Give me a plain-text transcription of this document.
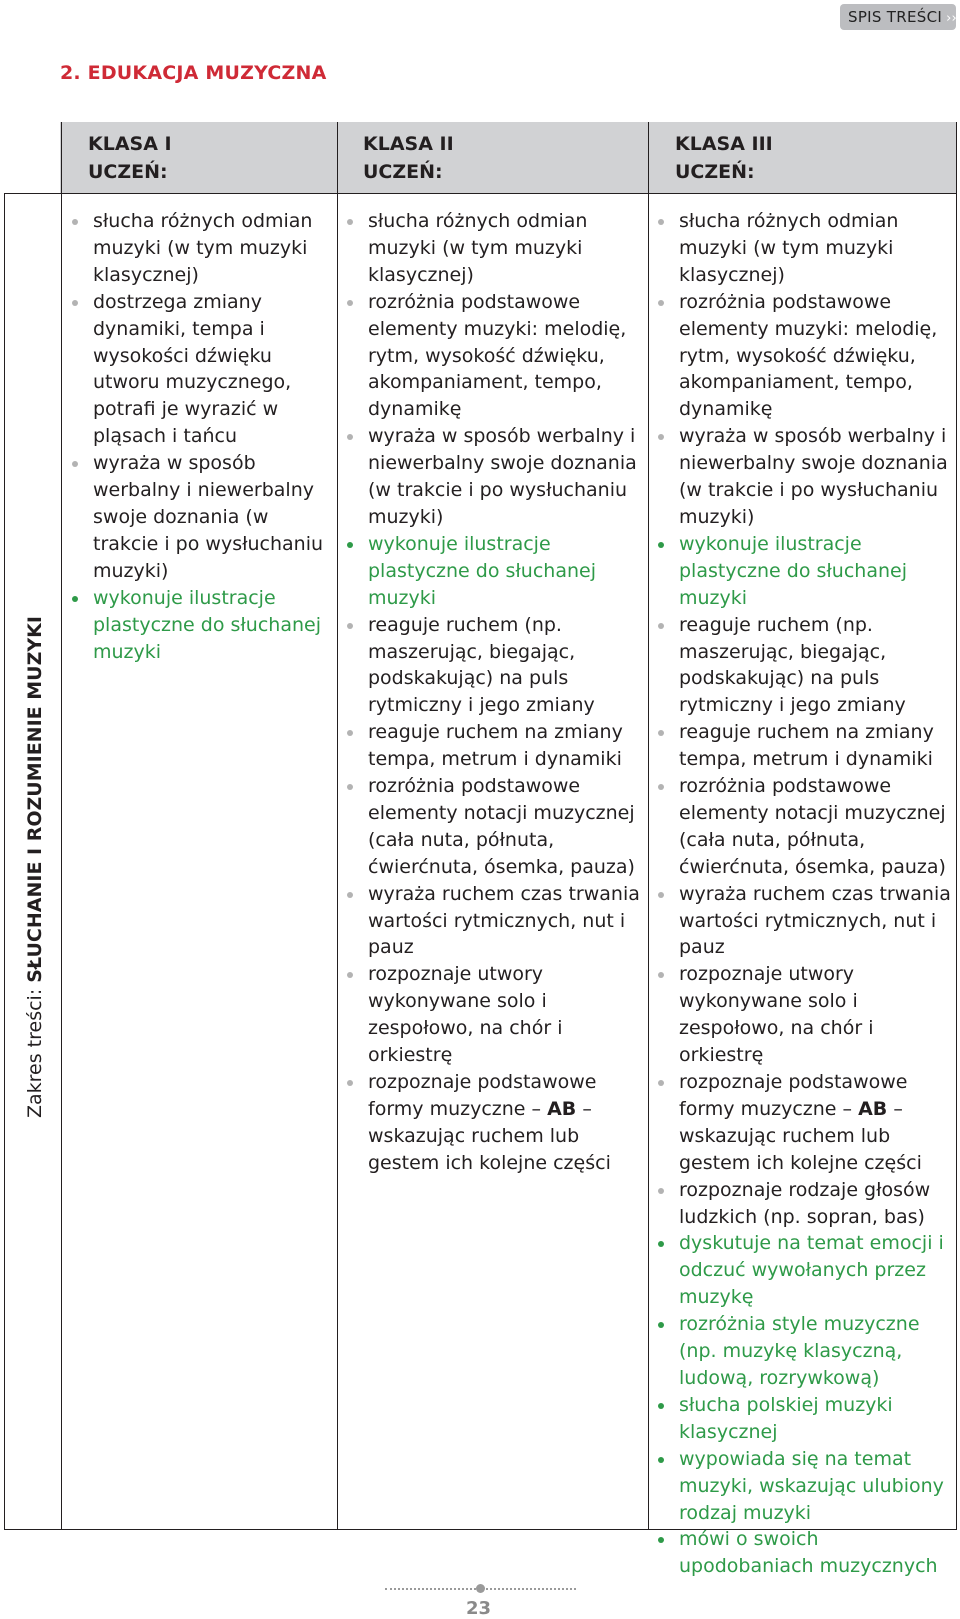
SPIS TREŚCI ››
2. EDUKACJA MUZYCZNA
KLASA I
UCZEŃ:
KLASA II
UCZEŃ:
KLASA III
UCZEŃ:
Zakres treści: SŁUCHANIE I ROZUMIENIE MUZYKI
słucha różnych odmian muzyki (w tym muzyki klasycznej)
dostrzega zmiany dynamiki, tempa i wysokości dźwięku utworu muzycznego, potrafi je wyrazić w pląsach i tańcu
wyraża w sposób werbalny i niewerbalny swoje doznania (w trakcie i po wysłuchaniu muzyki)
wykonuje ilustracje plastyczne do słuchanej muzyki
słucha różnych odmian muzyki (w tym muzyki klasycznej)
rozróżnia podstawowe elementy muzyki: melodię, rytm, wysokość dźwięku, akompaniament, tempo, dynamikę
wyraża w sposób werbalny i niewerbalny swoje doznania (w trakcie i po wysłuchaniu muzyki)
wykonuje ilustracje plastyczne do słuchanej muzyki
reaguje ruchem (np. maszerując, biegając, podskakując) na puls rytmiczny i jego zmiany
reaguje ruchem na zmiany tempa, metrum i dynamiki
rozróżnia podstawowe elementy notacji muzycznej (cała nuta, półnuta, ćwierćnuta, ósemka, pauza)
wyraża ruchem czas trwania wartości rytmicznych, nut i pauz
rozpoznaje utwory wykonywane solo i zespołowo, na chór i orkiestrę
rozpoznaje podstawowe formy muzyczne – AB – wskazując ruchem lub gestem ich kolejne części
słucha różnych odmian muzyki (w tym muzyki klasycznej)
rozróżnia podstawowe elementy muzyki: melodię, rytm, wysokość dźwięku, akompaniament, tempo, dynamikę
wyraża w sposób werbalny i niewerbalny swoje doznania (w trakcie i po wysłuchaniu muzyki)
wykonuje ilustracje plastyczne do słuchanej muzyki
reaguje ruchem (np. maszerując, biegając, podskakując) na puls rytmiczny i jego zmiany
reaguje ruchem na zmiany tempa, metrum i dynamiki
rozróżnia podstawowe elementy notacji muzycznej (cała nuta, półnuta, ćwierćnuta, ósemka, pauza)
wyraża ruchem czas trwania wartości rytmicznych, nut i pauz
rozpoznaje utwory wykonywane solo i zespołowo, na chór i orkiestrę
rozpoznaje podstawowe formy muzyczne – AB – wskazując ruchem lub gestem ich kolejne części
rozpoznaje rodzaje głosów ludzkich (np. sopran, bas)
dyskutuje na temat emocji i odczuć wywołanych przez muzykę
rozróżnia style muzyczne (np. muzykę klasyczną, ludową, rozrywkową)
słucha polskiej muzyki klasycznej
wypowiada się na temat muzyki, wskazując ulubiony rodzaj muzyki
mówi o swoich upodobaniach muzycznych
23
